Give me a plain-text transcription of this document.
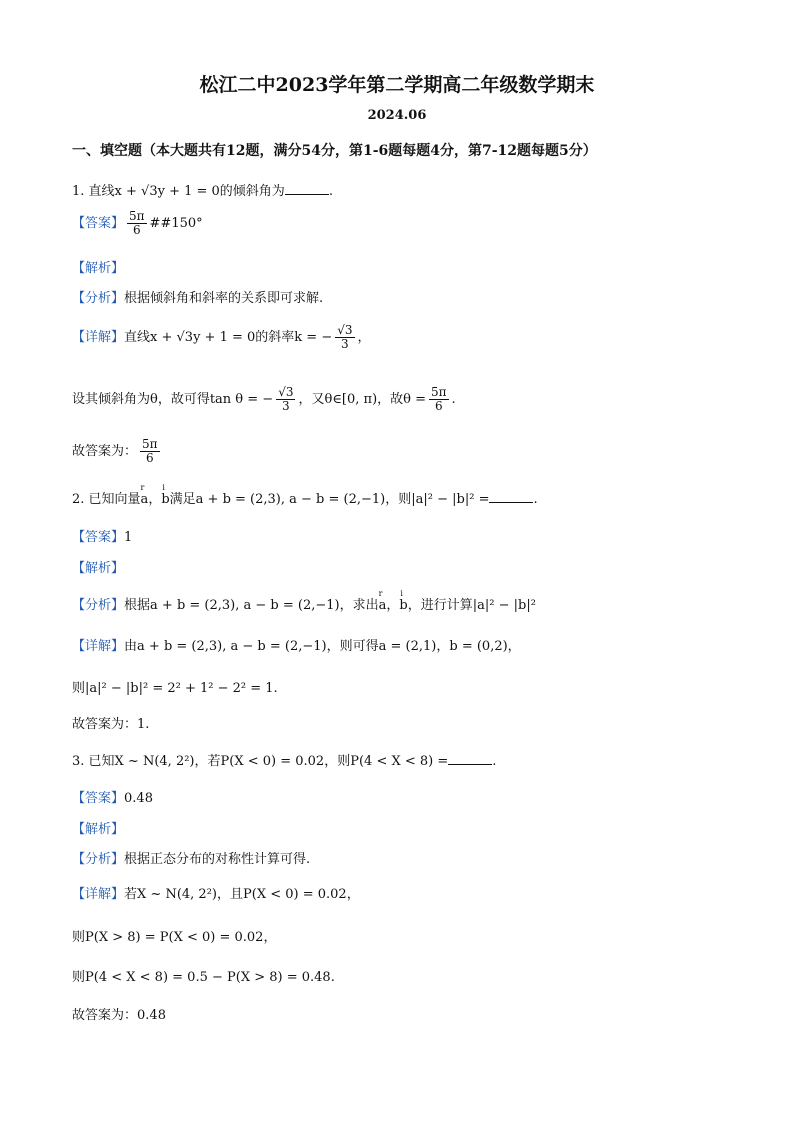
松江二中2023学年第二学期高二年级数学期末
2024.06
一、填空题（本大题共有12题，满分54分，第1-6题每题4分，第7-12题每题5分）
1. 直线x + √3y + 1 = 0的倾斜角为	.
【答案】 $\frac{5\pi}{6}$ ##150°
【解析】
【分析】根据倾斜角和斜率的关系即可求解.
【详解】直线x + √3y + 1 = 0的斜率k = − $\frac{√3}{3}$ ，
设其倾斜角为θ，故可得tan θ = − $\frac{√3}{3}$ ，又θ∈[0, π)，故$\theta = \frac{5\pi}{6}$ .
故答案为： $\frac{5\pi}{6}$
2. 已知向量r a，i b满足a + b = (2,3), a − b = (2,−1)，则|a|² − |b|² =	.
【答案】1
【解析】
【分析】根据a + b = (2,3), a − b = (2,−1)，求出r a，i b，进行计算|a|² − |b|²
【详解】由a + b = (2,3), a − b = (2,−1)，则可得a = (2,1)，b = (0,2)，
则|a|² − |b|² = 2² + 1² − 2² = 1.
故答案为：1.
3. 已知X ~ N(4, 2²)，若P(X < 0) = 0.02，则P(4 < X < 8) =	.
【答案】0.48
【解析】
【分析】根据正态分布的对称性计算可得.
【详解】若X ~ N(4, 2²)，且P(X < 0) = 0.02，
则P(X > 8) = P(X < 0) = 0.02，
则P(4 < X < 8) = 0.5 − P(X > 8) = 0.48.
故答案为：0.48
